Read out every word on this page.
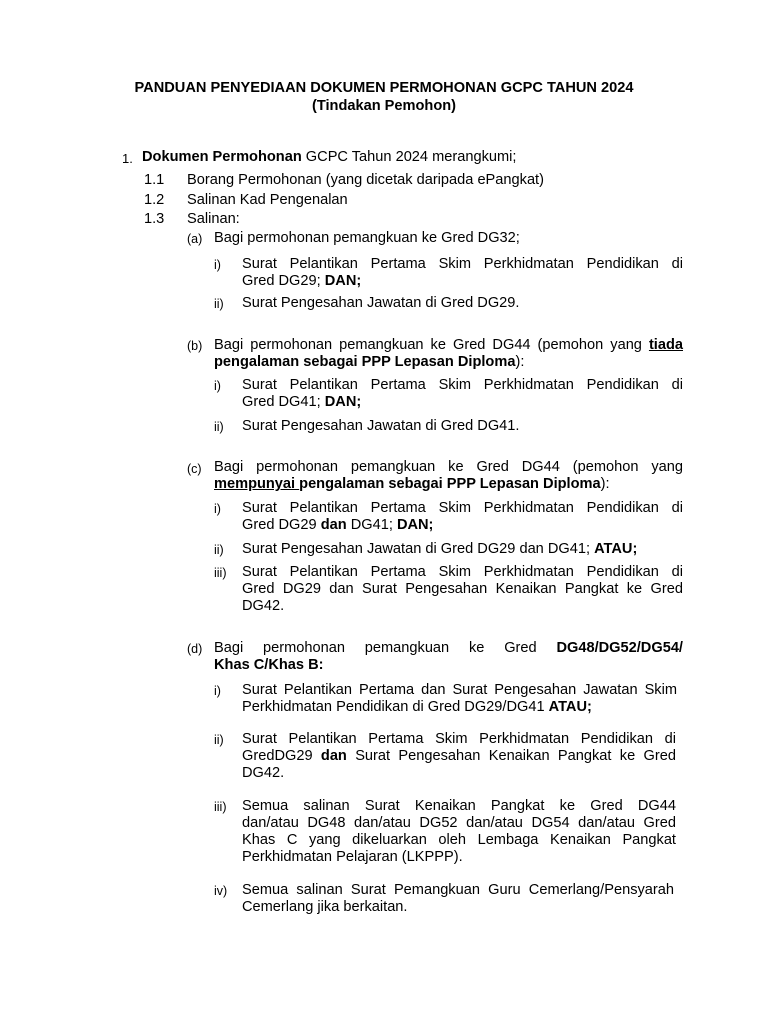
PANDUAN PENYEDIAAN DOKUMEN PERMOHONAN GCPC TAHUN 2024
(Tindakan Pemohon)
1. Dokumen Permohonan GCPC Tahun 2024 merangkumi;
1.1 Borang Permohonan (yang dicetak daripada ePangkat)
1.2 Salinan Kad Pengenalan
1.3 Salinan:
(a) Bagi permohonan pemangkuan ke Gred DG32;
i) Surat Pelantikan Pertama Skim Perkhidmatan Pendidikan di
Gred DG29; DAN;
ii) Surat Pengesahan Jawatan di Gred DG29.
(b) Bagi permohonan pemangkuan ke Gred DG44 (pemohon yang tiada
pengalaman sebagai PPP Lepasan Diploma):
i) Surat Pelantikan Pertama Skim Perkhidmatan Pendidikan di
Gred DG41; DAN;
ii) Surat Pengesahan Jawatan di Gred DG41.
(c) Bagi permohonan pemangkuan ke Gred DG44 (pemohon yang
mempunyai pengalaman sebagai PPP Lepasan Diploma):
i) Surat Pelantikan Pertama Skim Perkhidmatan Pendidikan di
Gred DG29 dan DG41; DAN;
ii) Surat Pengesahan Jawatan di Gred DG29 dan DG41; ATAU;
iii) Surat Pelantikan Pertama Skim Perkhidmatan Pendidikan di
Gred DG29 dan Surat Pengesahan Kenaikan Pangkat ke Gred
DG42.
(d) Bagi permohonan pemangkuan ke Gred DG48/DG52/DG54/
Khas C/Khas B:
i) Surat Pelantikan Pertama dan Surat Pengesahan Jawatan Skim
Perkhidmatan Pendidikan di Gred DG29/DG41 ATAU;
ii) Surat Pelantikan Pertama Skim Perkhidmatan Pendidikan di
GredDG29 dan Surat Pengesahan Kenaikan Pangkat ke Gred
DG42.
iii) Semua salinan Surat Kenaikan Pangkat ke Gred DG44
dan/atau DG48 dan/atau DG52 dan/atau DG54 dan/atau Gred
Khas C yang dikeluarkan oleh Lembaga Kenaikan Pangkat
Perkhidmatan Pelajaran (LKPPP).
iv) Semua salinan Surat Pemangkuan Guru Cemerlang/Pensyarah
Cemerlang jika berkaitan.
